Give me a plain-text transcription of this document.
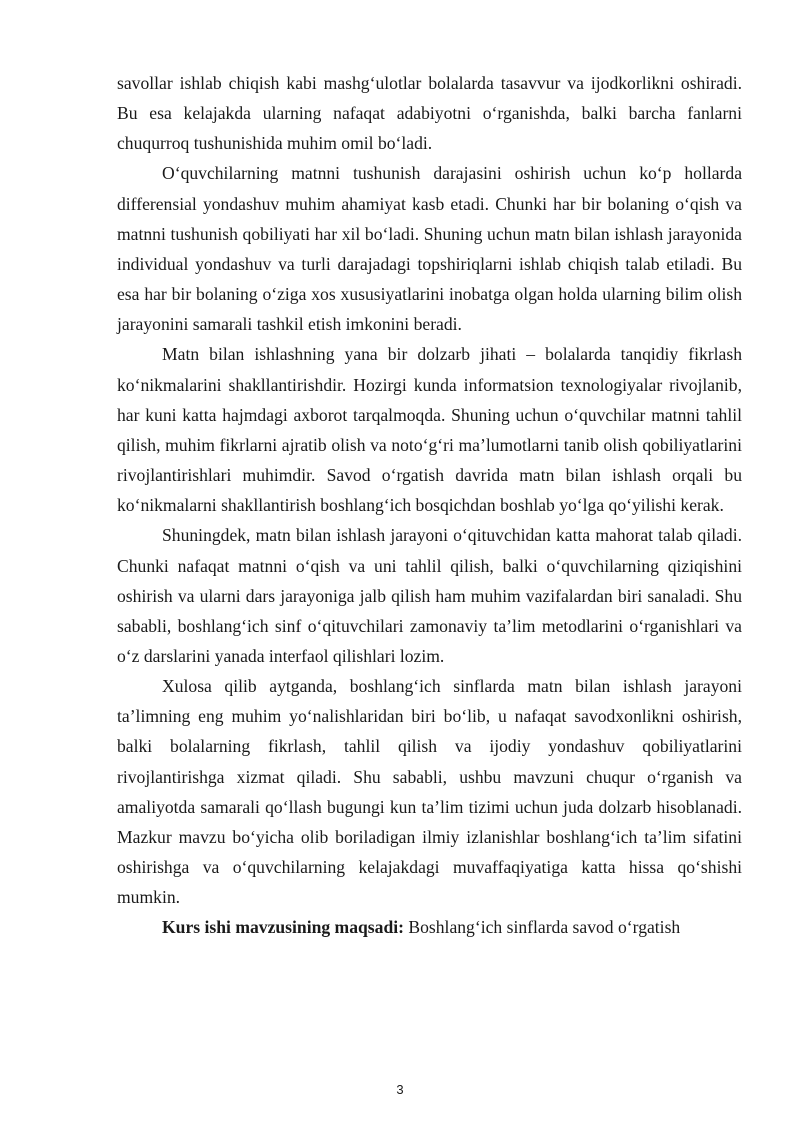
savollar ishlab chiqish kabi mashg‘ulotlar bolalarda tasavvur va ijodkorlikni oshiradi. Bu esa kelajakda ularning nafaqat adabiyotni o‘rganishda, balki barcha fanlarni chuqurroq tushunishida muhim omil bo‘ladi.

O‘quvchilarning matnni tushunish darajasini oshirish uchun ko‘p hollarda differensial yondashuv muhim ahamiyat kasb etadi. Chunki har bir bolaning o‘qish va matnni tushunish qobiliyati har xil bo‘ladi. Shuning uchun matn bilan ishlash jarayonida individual yondashuv va turli darajadagi topshiriqlarni ishlab chiqish talab etiladi. Bu esa har bir bolaning o‘ziga xos xususiyatlarini inobatga olgan holda ularning bilim olish jarayonini samarali tashkil etish imkonini beradi.

Matn bilan ishlashning yana bir dolzarb jihati – bolalarda tanqidiy fikrlash ko‘nikmalarini shakllantirishdir. Hozirgi kunda informatsion texnologiyalar rivojlanib, har kuni katta hajmdagi axborot tarqalmoqda. Shuning uchun o‘quvchilar matnni tahlil qilish, muhim fikrlarni ajratib olish va noto‘g‘ri ma’lumotlarni tanib olish qobiliyatlarini rivojlantirishlari muhimdir. Savod o‘rgatish davrida matn bilan ishlash orqali bu ko‘nikmalarni shakllantirish boshlang‘ich bosqichdan boshlab yo‘lga qo‘yilishi kerak.

Shuningdek, matn bilan ishlash jarayoni o‘qituvchidan katta mahorat talab qiladi. Chunki nafaqat matnni o‘qish va uni tahlil qilish, balki o‘quvchilarning qiziqishini oshirish va ularni dars jarayoniga jalb qilish ham muhim vazifalardan biri sanaladi. Shu sababli, boshlang‘ich sinf o‘qituvchilari zamonaviy ta’lim metodlarini o‘rganishlari va o‘z darslarini yanada interfaol qilishlari lozim.

Xulosa qilib aytganda, boshlang‘ich sinflarda matn bilan ishlash jarayoni ta’limning eng muhim yo‘nalishlaridan biri bo‘lib, u nafaqat savodxonlikni oshirish, balki bolalarning fikrlash, tahlil qilish va ijodiy yondashuv qobiliyatlarini rivojlantirishga xizmat qiladi. Shu sababli, ushbu mavzuni chuqur o‘rganish va amaliyotda samarali qo‘llash bugungi kun ta’lim tizimi uchun juda dolzarb hisoblanadi. Mazkur mavzu bo‘yicha olib boriladigan ilmiy izlanishlar boshlang‘ich ta’lim sifatini oshirishga va o‘quvchilarning kelajakdagi muvaffaqiyatiga katta hissa qo‘shishi mumkin.

Kurs ishi mavzusining maqsadi: Boshlang‘ich sinflarda savod o‘rgatish

3
